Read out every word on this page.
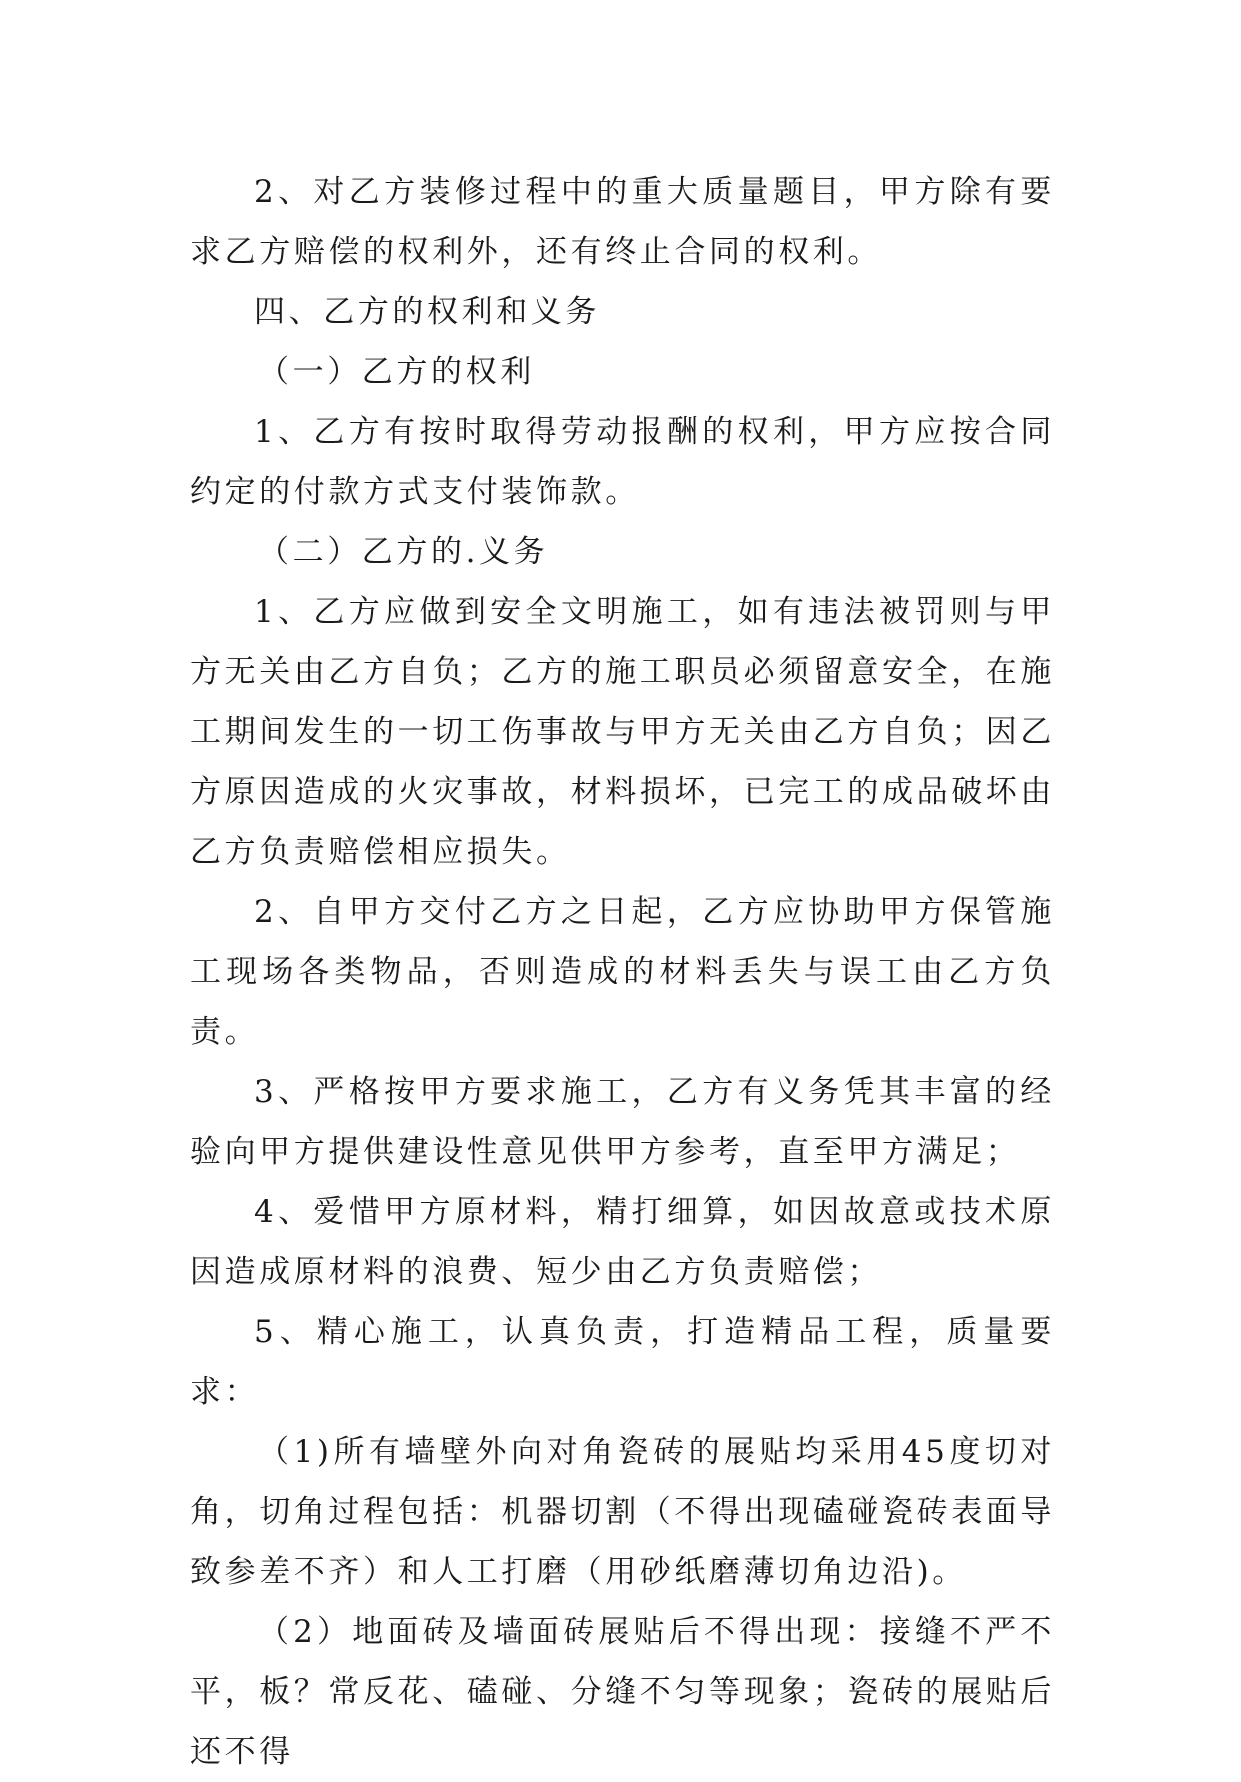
2、对乙方装修过程中的重大质量题目，甲方除有要求乙方赔偿的权利外，还有终止合同的权利。

四、乙方的权利和义务

（一）乙方的权利

1、乙方有按时取得劳动报酬的权利，甲方应按合同约定的付款方式支付装饰款。

（二）乙方的.义务

1、乙方应做到安全文明施工，如有违法被罚则与甲方无关由乙方自负；乙方的施工职员必须留意安全，在施工期间发生的一切工伤事故与甲方无关由乙方自负；因乙方原因造成的火灾事故，材料损坏，已完工的成品破坏由乙方负责赔偿相应损失。

2、自甲方交付乙方之日起，乙方应协助甲方保管施工现场各类物品，否则造成的材料丢失与误工由乙方负责。

3、严格按甲方要求施工，乙方有义务凭其丰富的经验向甲方提供建设性意见供甲方参考，直至甲方满足；

4、爱惜甲方原材料，精打细算，如因故意或技术原因造成原材料的浪费、短少由乙方负责赔偿；

5、精心施工，认真负责，打造精品工程，质量要求：

（1)所有墙壁外向对角瓷砖的展贴均采用45度切对角，切角过程包括：机器切割（不得出现磕碰瓷砖表面导致参差不齐）和人工打磨（用砂纸磨薄切角边沿)。

（2）地面砖及墙面砖展贴后不得出现：接缝不严不平，板？常反花、磕碰、分缝不匀等现象；瓷砖的展贴后还不得
